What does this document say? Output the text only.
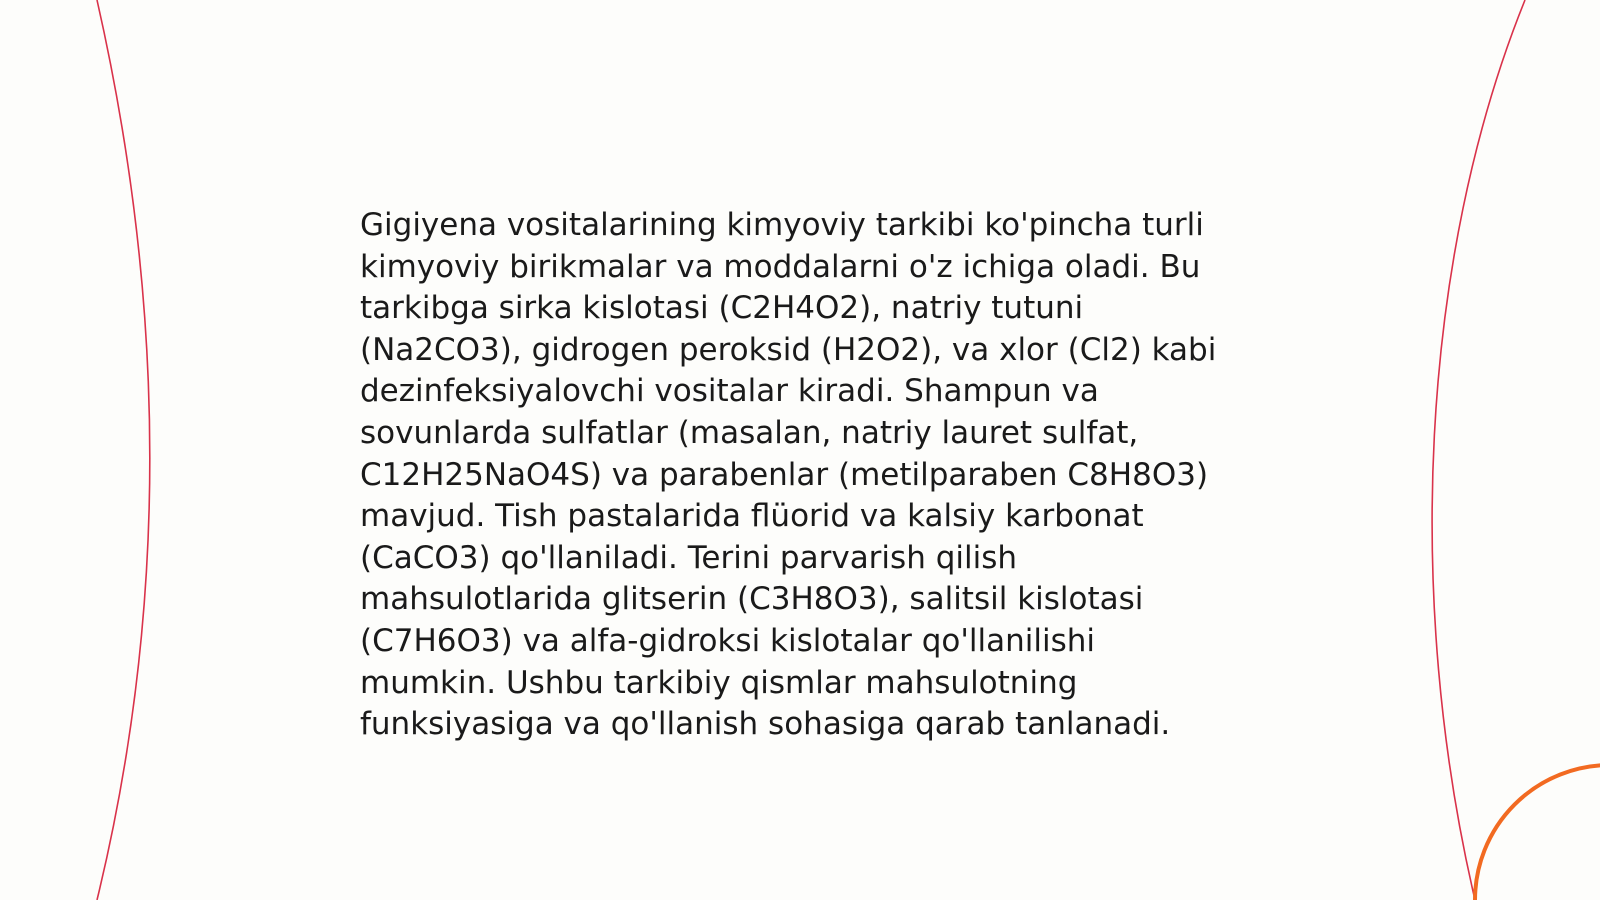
Gigiyena vositalarining kimyoviy tarkibi ko'pincha turli
kimyoviy birikmalar va moddalarni o'z ichiga oladi. Bu
tarkibga sirka kislotasi (C2H4O2), natriy tutuni
(Na2CO3), gidrogen peroksid (H2O2), va xlor (Cl2) kabi
dezinfeksiyalovchi vositalar kiradi. Shampun va
sovunlarda sulfatlar (masalan, natriy lauret sulfat,
C12H25NaO4S) va parabenlar (metilparaben C8H8O3)
mavjud. Tish pastalarida flüorid va kalsiy karbonat
(CaCO3) qo'llaniladi. Terini parvarish qilish
mahsulotlarida glitserin (C3H8O3), salitsil kislotasi
(C7H6O3) va alfa-gidroksi kislotalar qo'llanilishi
mumkin. Ushbu tarkibiy qismlar mahsulotning
funksiyasiga va qo'llanish sohasiga qarab tanlanadi.
